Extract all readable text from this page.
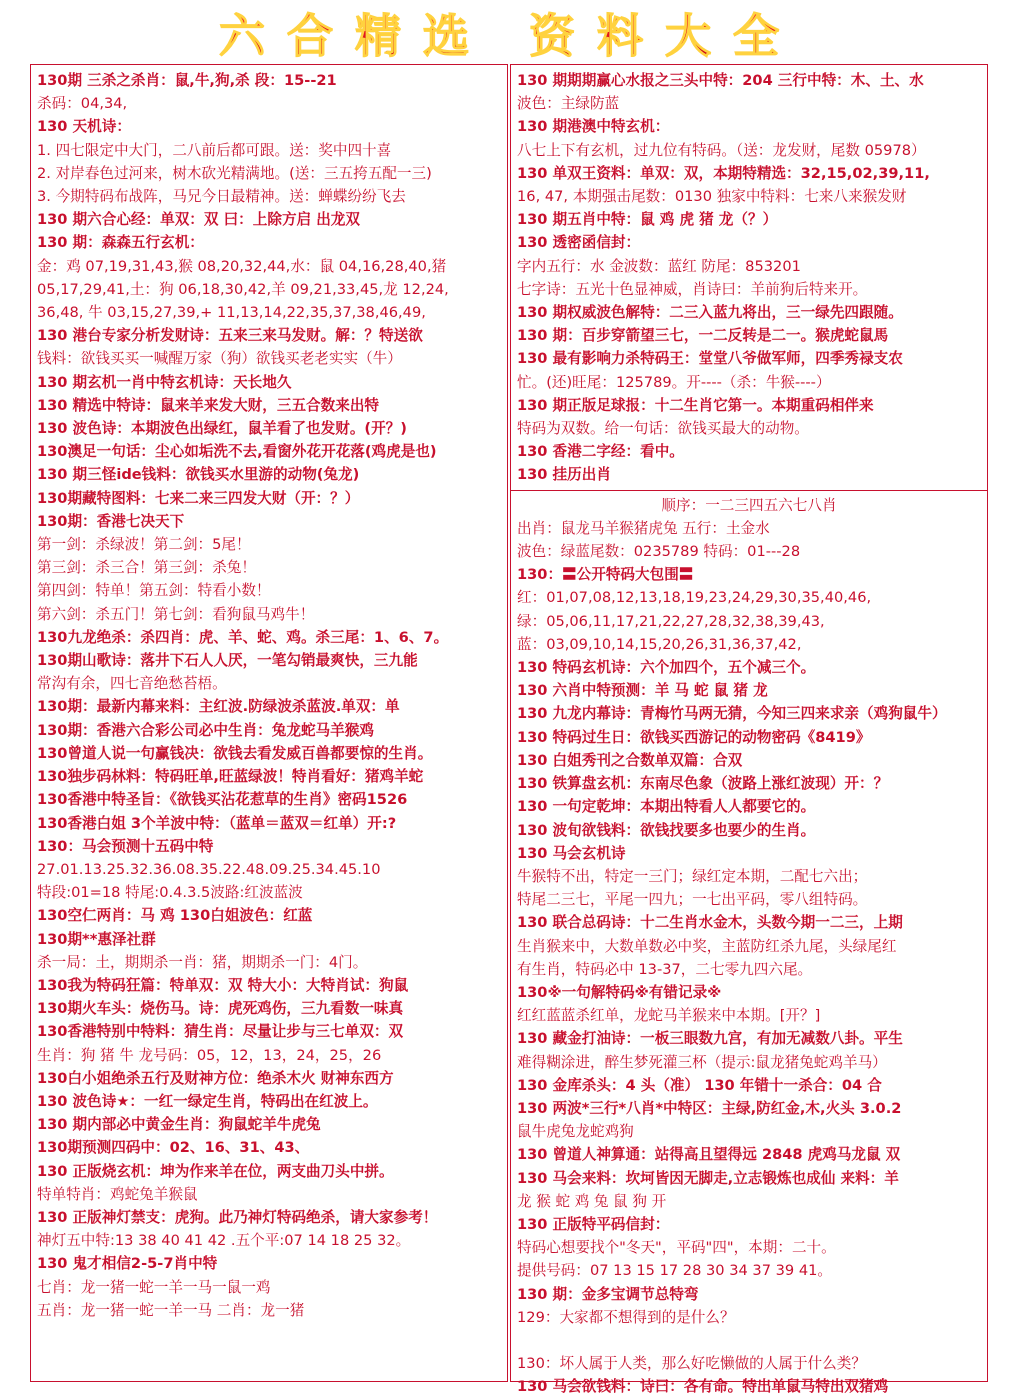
六合精选 资料大全
130期 三杀之杀肖：鼠,牛,狗,杀 段：15--21
杀码：04,34,
130 天机诗：
1. 四七限定中大门，二八前后都可跟。送：奖中四十喜
2. 对岸春色过河来，树木砍光精满地。(送：三五挎五配一三)
3. 今期特码布战阵，马兄今日最精神。送：蝉蝶纷纷飞去
130 期六合心经：单双：双 曰：上除方启 出龙双
130 期：森森五行玄机：
金：鸡 07,19,31,43,猴 08,20,32,44,水：鼠 04,16,28,40,猪
05,17,29,41,土：狗 06,18,30,42,羊 09,21,33,45,龙 12,24,
36,48, 牛 03,15,27,39,+ 11,13,14,22,35,37,38,46,49,
130 港台专家分析发财诗：五来三来马发财。解：？特送欲
钱料：欲钱买买一喊醒万家（狗）欲钱买老老实实（牛）
130 期玄机一肖中特玄机诗：天长地久
130 精选中特诗：鼠来羊来发大财，三五合数来出特
130 波色诗：本期波色出绿红，鼠羊看了也发财。(开？)
130澳足一句话：尘心如垢洗不去,看窗外花开花落(鸡虎是也)
130 期三怪ide钱料：欲钱买水里游的动物(兔龙)
130期藏特图料：七来二来三四发大财（开：？）
130期：香港七决天下
第一剑：杀绿波！第二剑：5尾！
第三剑：杀三合！第三剑：杀兔！
第四剑：特单！第五剑：特看小数！
第六剑：杀五门！第七剑：看狗鼠马鸡牛！
130九龙绝杀：杀四肖：虎、羊、蛇、鸡。杀三尾：1、6、7。
130期山歌诗：落井下石人人厌，一笔勾销最爽快，三九能
常沟有余，四七音绝愁苔梧。
130期：最新内幕来料：主红波.防绿波杀蓝波.单双：单
130期：香港六合彩公司必中生肖：兔龙蛇马羊猴鸡
130曾道人说一句赢钱决：欲钱去看发威百兽都要惊的生肖。
130独步码林料：特码旺单,旺蓝绿波！特肖看好：猪鸡羊蛇
130香港中特圣旨：《欲钱买沾花惹草的生肖》密码1526
130香港白姐 3个羊波中特：（蓝单＝蓝双＝红单）开:?
130：马会预测十五码中特
27.01.13.25.32.36.08.35.22.48.09.25.34.45.10
特段:01=18 特尾:0.4.3.5波路:红波蓝波
130空仁两肖：马 鸡 130白姐波色：红蓝
130期**惠泽社群
杀一局：土，期期杀一肖：猪，期期杀一门：4门。
130我为特码狂篇：特单双：双 特大小：大特肖试：狗鼠
130期火车头：烧伤马。诗：虎死鸡伤，三九看数一味真
130香港特别中特料：猜生肖：尽量让步与三七单双：双
生肖：狗 猪 牛 龙号码：05，12，13，24，25，26
130白小姐绝杀五行及财神方位：绝杀木火 财神东西方
130 波色诗★：一红一绿定生肖，特码出在红波上。
130 期内部必中黄金生肖：狗鼠蛇羊牛虎兔
130期预测四码中：02、16、31、43、
130 正版烧玄机：坤为作来羊在位，两支曲刀头中拼。
特单特肖：鸡蛇兔羊猴鼠
130 正版神灯禁支：虎狗。此乃神灯特码绝杀，请大家参考！
神灯五中特:13 38 40 41 42 .五个平:07 14 18 25 32。
130 鬼才相信2-5-7肖中特
七肖：龙一猪一蛇一羊一马一鼠一鸡
五肖：龙一猪一蛇一羊一马 二肖：龙一猪
130 期期期赢心水报之三头中特：204 三行中特：木、土、水
波色：主绿防蓝
130 期港澳中特玄机：
八七上下有玄机，过九位有特码。（送：龙发财，尾数 05978）
130 单双王资料：单双：双，本期特精选：32,15,02,39,11,
16, 47, 本期强击尾数：0130 独家中特料：七来八来猴发财
130 期五肖中特：鼠 鸡 虎 猪 龙（？）
130 透密函信封：
字内五行：水 金波数：蓝红 防尾：853201
七字诗：五光十色显神威，肖诗曰：羊前狗后特来开。
130 期权威波色解特：二三入蓝九将出，三一绿先四跟随。
130 期：百步穿箭望三七，一二反转是二一。猴虎蛇鼠馬
130 最有影响力杀特码王：堂堂八爷做军师，四季秀禄支农
忙。(还)旺尾：125789。开----（杀：牛猴----）
130 期正版足球报：十二生肖它第一。本期重码相伴来
特码为双数。给一句话：欲钱买最大的动物。
130 香港二字经：看中。
130 挂历出肖
顺序：一二三四五六七八肖
出肖：鼠龙马羊猴猪虎兔 五行：土金水
波色：绿蓝尾数：0235789 特码：01---28
130：〓公开特码大包围〓
红：01,07,08,12,13,18,19,23,24,29,30,35,40,46,
绿：05,06,11,17,21,22,27,28,32,38,39,43,
蓝：03,09,10,14,15,20,26,31,36,37,42,
130 特码玄机诗：六个加四个，五个减三个。
130 六肖中特预测：羊 马 蛇 鼠 猪 龙
130 九龙内幕诗：青梅竹马两无猜，今知三四来求亲（鸡狗鼠牛）
130 特码过生日：欲钱买西游记的动物密码《8419》
130 白姐秀刊之合数单双篇：合双
130 铁算盘玄机：东南尽色象（波路上涨红波现）开：？
130 一句定乾坤：本期出特看人人都要它的。
130 波旬欲钱料：欲钱找要多也要少的生肖。
130 马会玄机诗
牛猴特不出，特定一三门；绿红定本期，二配七六出；
特尾二三七，平尾一四九；一七出平码，零八组特码。
130 联合总码诗：十二生肖水金木，头数今期一二三，上期
生肖猴来中，大数单数必中奖，主蓝防红杀九尾，头绿尾红
有生肖，特码必中 13-37，二七零九四六尾。
130※一句解特码※有错记录※
红红蓝蓝杀红单，龙蛇马羊猴来中本期。[开？]
130 藏金打油诗：一板三眼数九宫，有加无减数八卦。平生
难得糊涂进，醉生梦死灌三杯（提示:鼠龙猪兔蛇鸡羊马）
130 金库杀头：4 头（准） 130 年错十一杀合：04 合
130 两波*三行*八肖*中特区：主绿,防红金,木,火头 3.0.2
鼠牛虎兔龙蛇鸡狗
130 曾道人神算通：站得高且望得远 2848 虎鸡马龙鼠 双
130 马会来料：坎坷皆因无脚走,立志锻炼也成仙 来料：羊
龙 猴 蛇 鸡 兔 鼠 狗 开
130 正版特平码信封：
特码心想要找个"冬天"，平码"四"，本期：二十。
提供号码：07 13 15 17 28 30 34 37 39 41。
130 期：金多宝调节总特弯
129：大家都不想得到的是什么？
130：坏人属于人类，那么好吃懒做的人属于什么类？
130 马会欲钱料：诗曰：各有命。特出单鼠马特出双猪鸡
